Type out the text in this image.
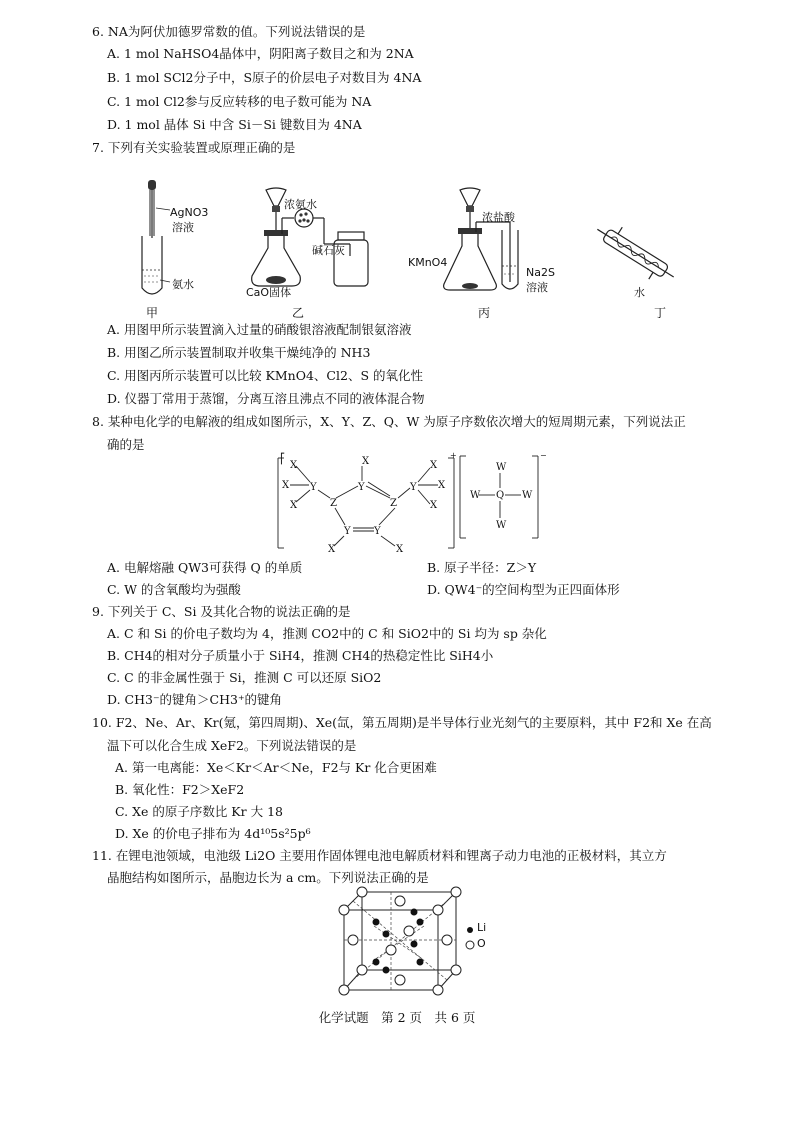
6. NA为阿伏加德罗常数的值。下列说法错误的是
A. 1 mol NaHSO4晶体中，阴阳离子数目之和为 2NA
B. 1 mol SCl2分子中，S原子的价层电子对数目为 4NA
C. 1 mol Cl2参与反应转移的电子数可能为 NA
D. 1 mol 晶体 Si 中含 Si－Si 键数目为 4NA
7. 下列有关实验装置或原理正确的是
AgNO3
溶液
氨水
甲
浓氨水
碱石灰
CaO固体
乙
浓盐酸
KMnO4
Na2S
溶液
丙
水
丁
A. 用图甲所示装置滴入过量的硝酸银溶液配制银氨溶液
B. 用图乙所示装置制取并收集干燥纯净的 NH3
C. 用图丙所示装置可以比较 KMnO4、Cl2、S 的氧化性
D. 仪器丁常用于蒸馏，分离互溶且沸点不同的液体混合物
8. 某种电化学的电解液的组成如图所示，X、Y、Z、Q、W 为原子序数依次增大的短周期元素，下列说法正
确的是
⎡
X
X
X
Y
Z
Y
Z
Y Y
X
X	X
Y
X
X
X
+
W
W Q W
W
−
A. 电解熔融 QW3可获得 Q 的单质	B. 原子半径：Z＞Y
C. W 的含氧酸均为强酸	D. QW4⁻的空间构型为正四面体形
9. 下列关于 C、Si 及其化合物的说法正确的是
A. C 和 Si 的价电子数均为 4，推测 CO2中的 C 和 SiO2中的 Si 均为 sp 杂化
B. CH4的相对分子质量小于 SiH4，推测 CH4的热稳定性比 SiH4小
C. C 的非金属性强于 Si，推测 C 可以还原 SiO2
D. CH3⁻的键角＞CH3⁺的键角
10. F2、Ne、Ar、Kr(氪，第四周期)、Xe(氙，第五周期)是半导体行业光刻气的主要原料，其中 F2和 Xe 在高
温下可以化合生成 XeF2。下列说法错误的是
A. 第一电离能：Xe＜Kr＜Ar＜Ne，F2与 Kr 化合更困难
B. 氧化性：F2＞XeF2
C. Xe 的原子序数比 Kr 大 18
D. Xe 的价电子排布为 4d¹⁰5s²5p⁶
11. 在锂电池领域，电池级 Li2O 主要用作固体锂电池电解质材料和锂离子动力电池的正极材料，其立方
晶胞结构如图所示，晶胞边长为 a cm。下列说法正确的是
Li
O
化学试题　第 2 页　共 6 页
